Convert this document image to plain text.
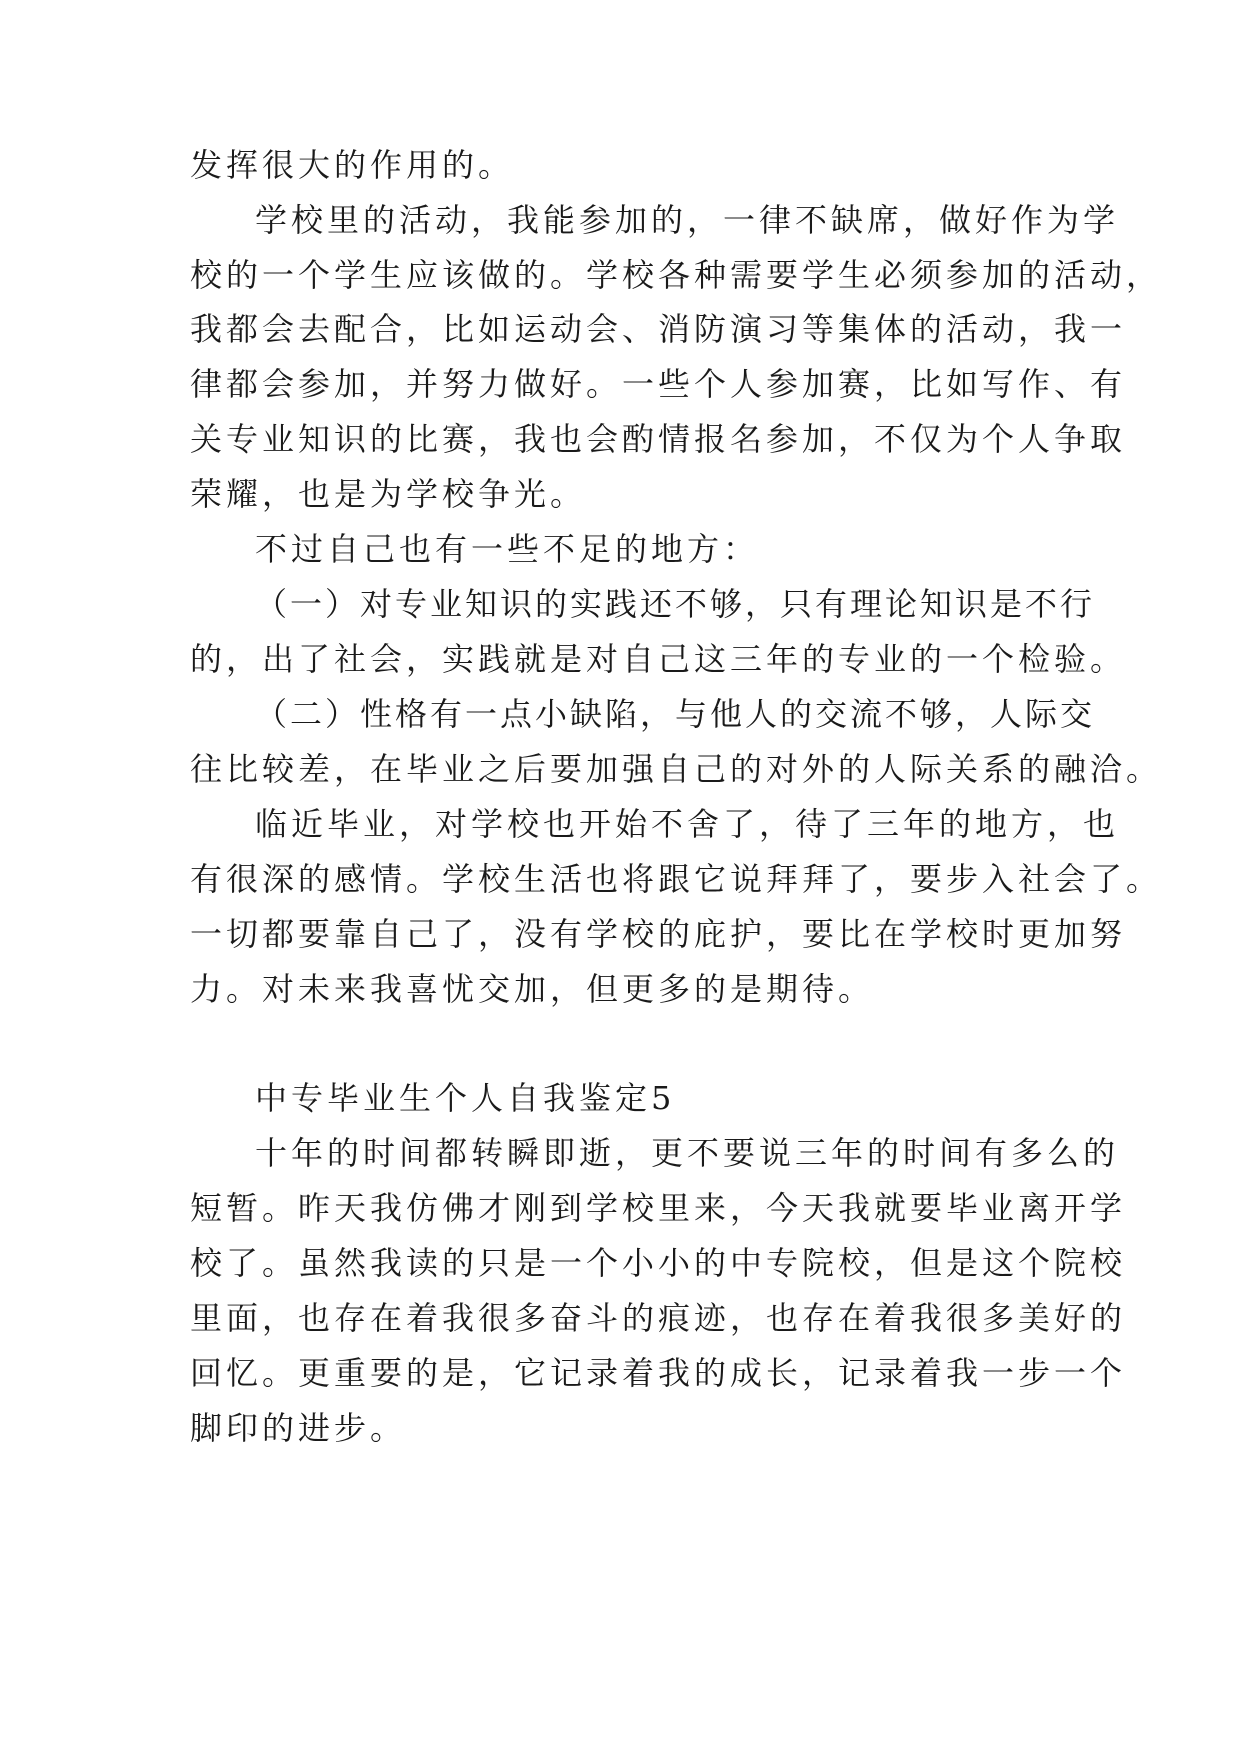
发挥很大的作用的。
学校里的活动，我能参加的，一律不缺席，做好作为学
校的一个学生应该做的。学校各种需要学生必须参加的活动，
我都会去配合，比如运动会、消防演习等集体的活动，我一
律都会参加，并努力做好。一些个人参加赛，比如写作、有
关专业知识的比赛，我也会酌情报名参加，不仅为个人争取
荣耀，也是为学校争光。
不过自己也有一些不足的地方：
（一）对专业知识的实践还不够，只有理论知识是不行
的，出了社会，实践就是对自己这三年的专业的一个检验。
（二）性格有一点小缺陷，与他人的交流不够，人际交
往比较差，在毕业之后要加强自己的对外的人际关系的融洽。
临近毕业，对学校也开始不舍了，待了三年的地方，也
有很深的感情。学校生活也将跟它说拜拜了，要步入社会了。
一切都要靠自己了，没有学校的庇护，要比在学校时更加努
力。对未来我喜忧交加，但更多的是期待。
中专毕业生个人自我鉴定5
十年的时间都转瞬即逝，更不要说三年的时间有多么的
短暂。昨天我仿佛才刚到学校里来，今天我就要毕业离开学
校了。虽然我读的只是一个小小的中专院校，但是这个院校
里面，也存在着我很多奋斗的痕迹，也存在着我很多美好的
回忆。更重要的是，它记录着我的成长，记录着我一步一个
脚印的进步。
